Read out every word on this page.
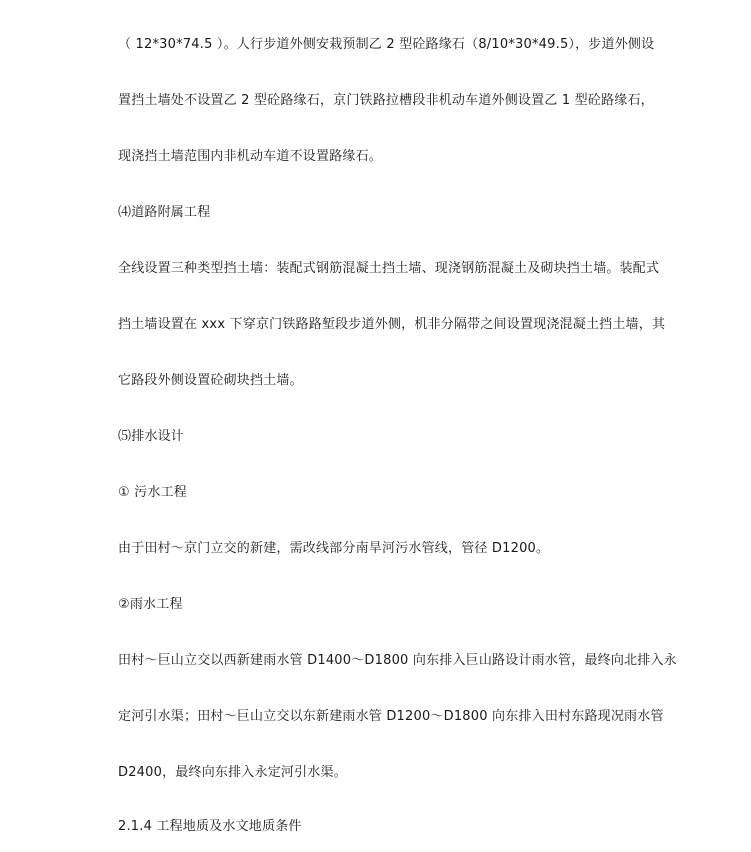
（ 12*30*74.5 ）。人行步道外侧安栽预制乙 2 型砼路缘石（8/10*30*49.5），步道外侧设
置挡土墙处不设置乙 2 型砼路缘石，京门铁路拉槽段非机动车道外侧设置乙 1 型砼路缘石，
现浇挡土墙范围内非机动车道不设置路缘石。
⑷道路附属工程
全线设置三种类型挡土墙：装配式钢筋混凝土挡土墙、现浇钢筋混凝土及砌块挡土墙。装配式
挡土墙设置在 xxx 下穿京门铁路路堑段步道外侧，机非分隔带之间设置现浇混凝土挡土墙，其
它路段外侧设置砼砌块挡土墙。
⑸排水设计
① 污水工程
由于田村～京门立交的新建，需改线部分南旱河污水管线，管径 D1200。
②雨水工程
田村～巨山立交以西新建雨水管 D1400～D1800 向东排入巨山路设计雨水管，最终向北排入永
定河引水渠；田村～巨山立交以东新建雨水管 D1200～D1800 向东排入田村东路现况雨水管
D2400，最终向东排入永定河引水渠。
2.1.4 工程地质及水文地质条件
